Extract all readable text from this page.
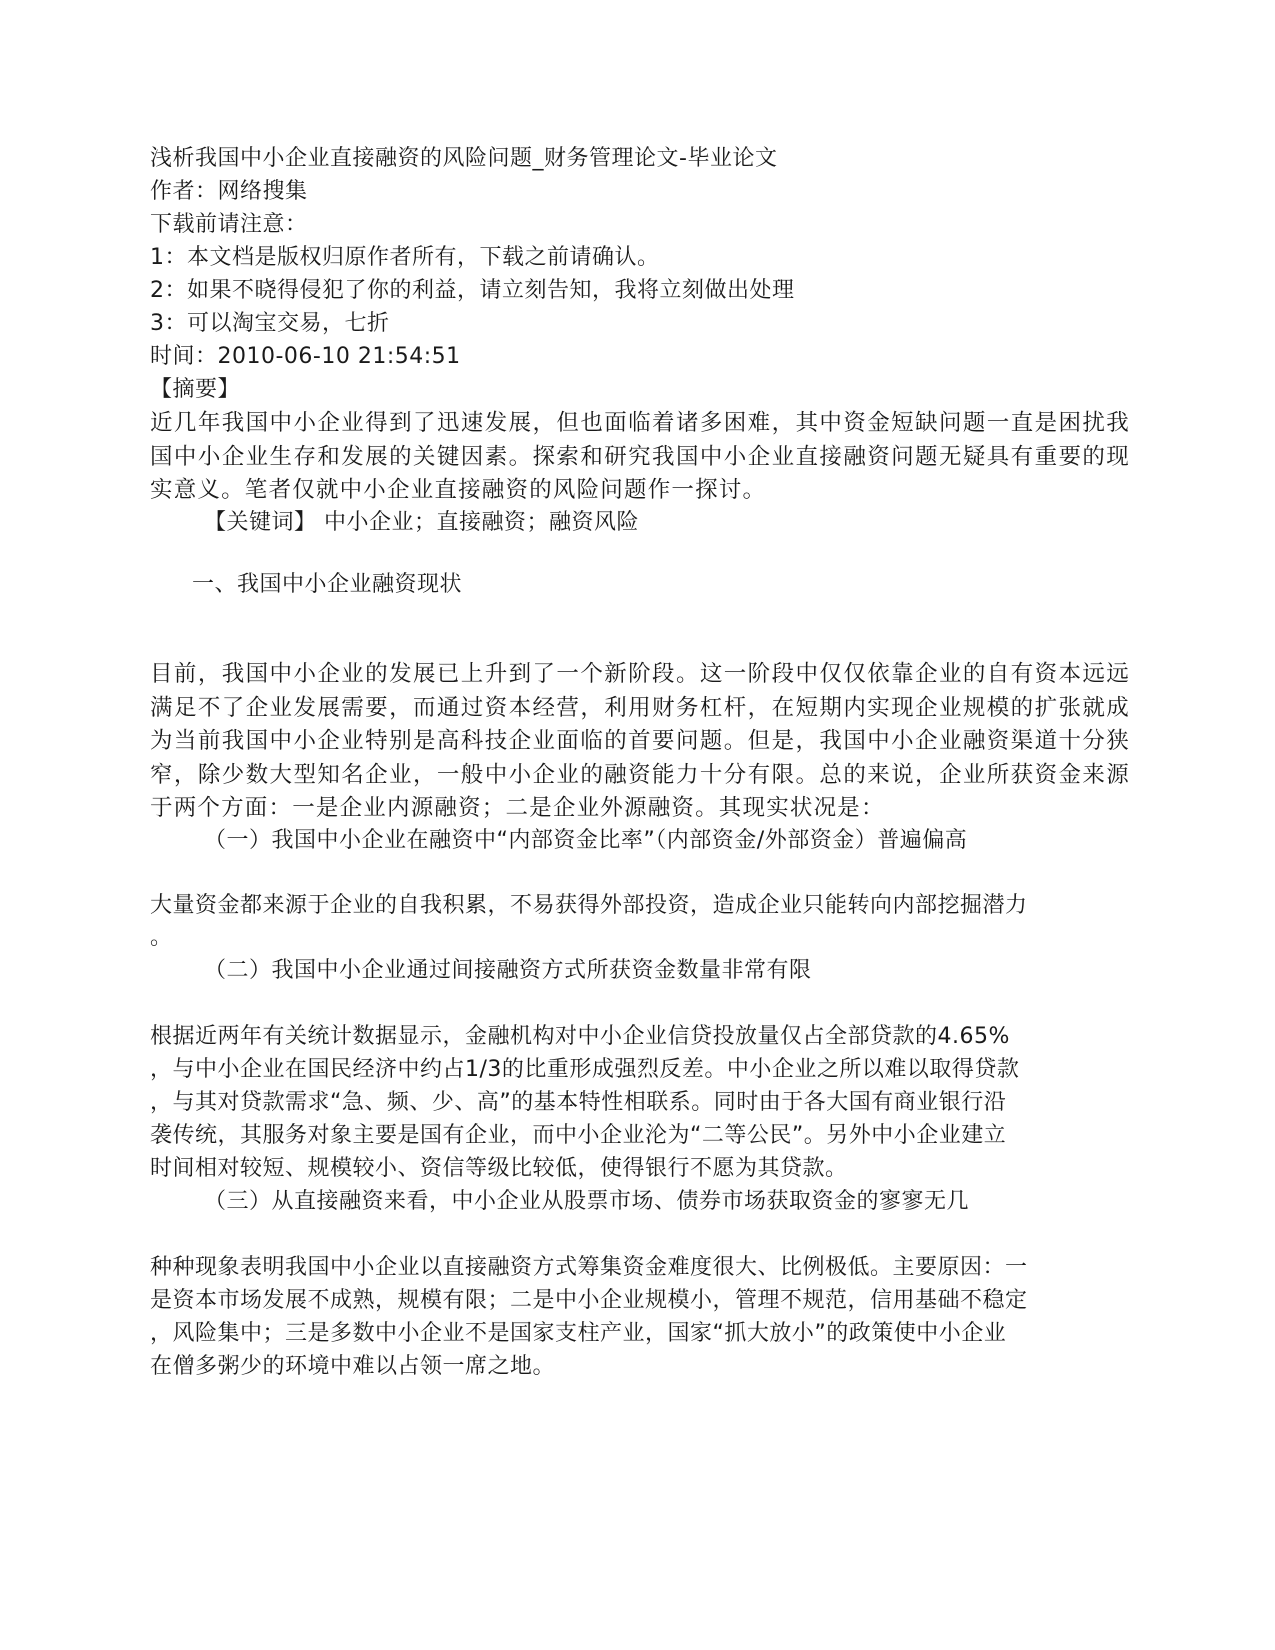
浅析我国中小企业直接融资的风险问题_财务管理论文-毕业论文
作者：网络搜集
下载前请注意：
1：本文档是版权归原作者所有，下载之前请确认。
2：如果不晓得侵犯了你的利益，请立刻告知，我将立刻做出处理
3：可以淘宝交易，七折
时间：2010-06-10 21:54:51
【摘要】
近几年我国中小企业得到了迅速发展，但也面临着诸多困难，其中资金短缺问题一直是困扰我国中小企业生存和发展的关键因素。探索和研究我国中小企业直接融资问题无疑具有重要的现实意义。笔者仅就中小企业直接融资的风险问题作一探讨。
【关键词】 中小企业；直接融资；融资风险
一、我国中小企业融资现状
目前，我国中小企业的发展已上升到了一个新阶段。这一阶段中仅仅依靠企业的自有资本远远满足不了企业发展需要，而通过资本经营，利用财务杠杆，在短期内实现企业规模的扩张就成为当前我国中小企业特别是高科技企业面临的首要问题。但是，我国中小企业融资渠道十分狭窄，除少数大型知名企业，一般中小企业的融资能力十分有限。总的来说，企业所获资金来源于两个方面：一是企业内源融资；二是企业外源融资。其现实状况是：
（一）我国中小企业在融资中“内部资金比率”（内部资金/外部资金）普遍偏高
大量资金都来源于企业的自我积累，不易获得外部投资，造成企业只能转向内部挖掘潜力
。
（二）我国中小企业通过间接融资方式所获资金数量非常有限
根据近两年有关统计数据显示，金融机构对中小企业信贷投放量仅占全部贷款的4.65%
，与中小企业在国民经济中约占1/3的比重形成强烈反差。中小企业之所以难以取得贷款
，与其对贷款需求“急、频、少、高”的基本特性相联系。同时由于各大国有商业银行沿
袭传统，其服务对象主要是国有企业，而中小企业沦为“二等公民”。另外中小企业建立
时间相对较短、规模较小、资信等级比较低，使得银行不愿为其贷款。
（三）从直接融资来看，中小企业从股票市场、债券市场获取资金的寥寥无几
种种现象表明我国中小企业以直接融资方式筹集资金难度很大、比例极低。主要原因：一
是资本市场发展不成熟，规模有限；二是中小企业规模小，管理不规范，信用基础不稳定
，风险集中；三是多数中小企业不是国家支柱产业，国家“抓大放小”的政策使中小企业
在僧多粥少的环境中难以占领一席之地。
